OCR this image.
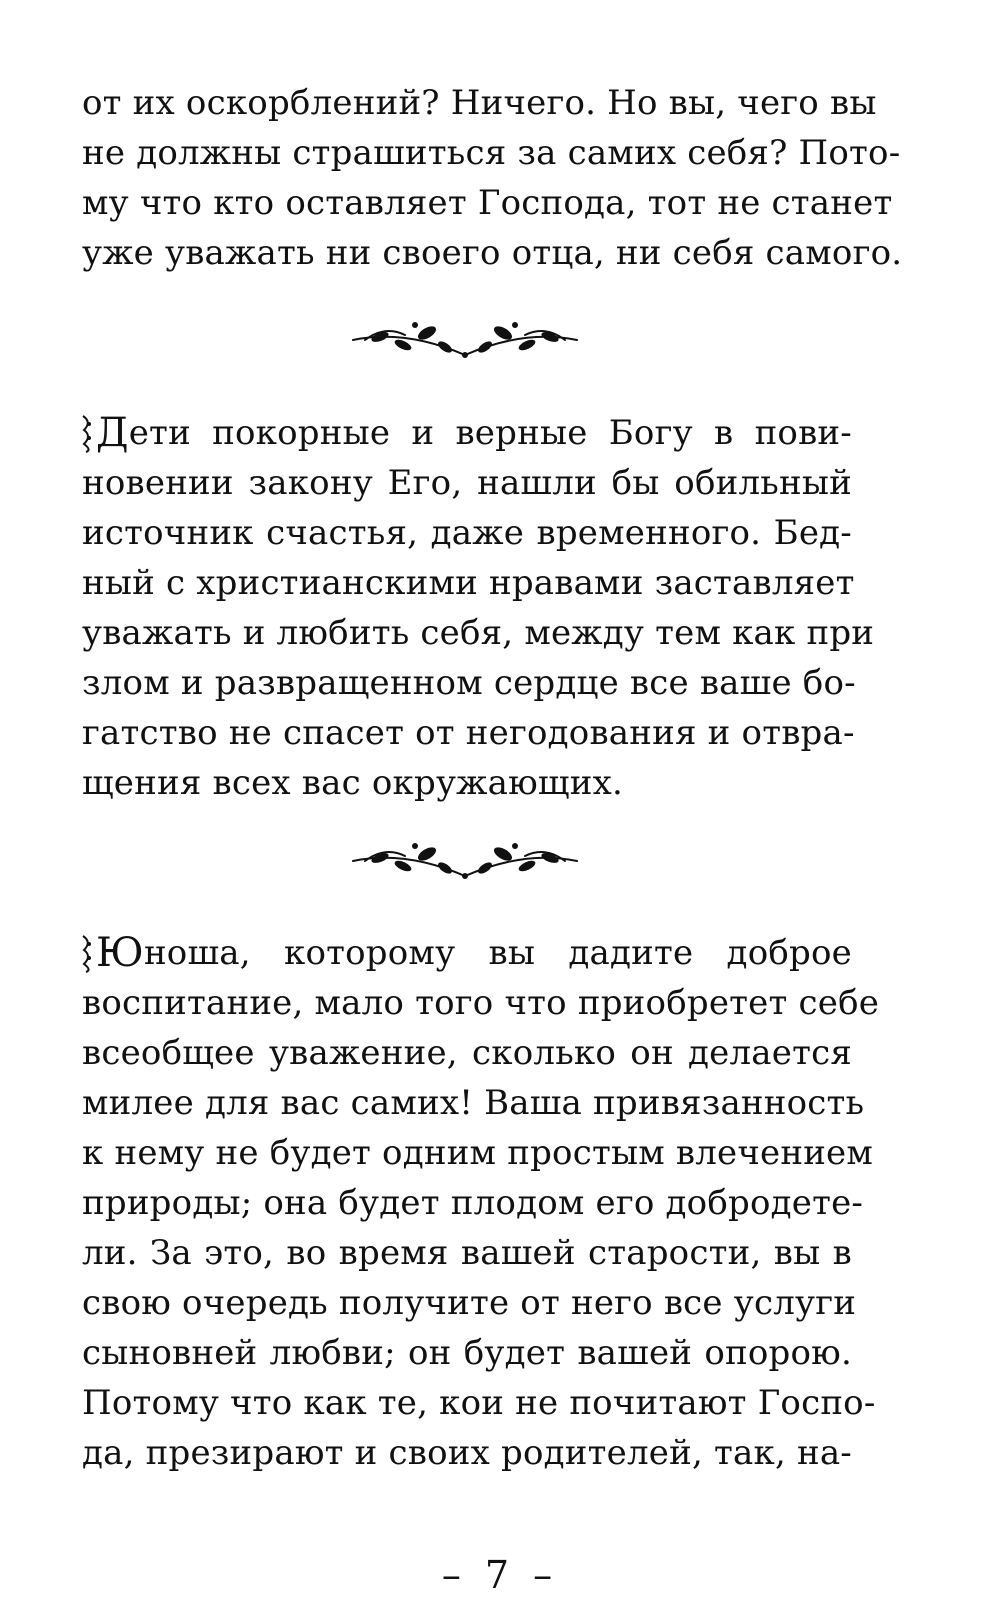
от их оскорблений? Ничего. Но вы, чего вы
не должны страшиться за самих себя? Пото-
му что кто оставляет Господа, тот не станет
уже уважать ни своего отца, ни себя самого.
Дети покорные и верные Богу в пови-
новении закону Его, нашли бы обильный
источник счастья, даже временного. Бед-
ный с христианскими нравами заставляет
уважать и любить себя, между тем как при
злом и развращенном сердце все ваше бо-
гатство не спасет от негодования и отвра-
щения всех вас окружающих.
Юноша, которому вы дадите доброе
воспитание, мало того что приобретет себе
всеобщее уважение, сколько он делается
милее для вас самих! Ваша привязанность
к нему не будет одним простым влечением
природы; она будет плодом его добродете-
ли. За это, во время вашей старости, вы в
свою очередь получите от него все услуги
сыновней любви; он будет вашей опорою.
Потому что как те, кои не почитают Госпо-
да, презирают и своих родителей, так, на-
– 7 –
